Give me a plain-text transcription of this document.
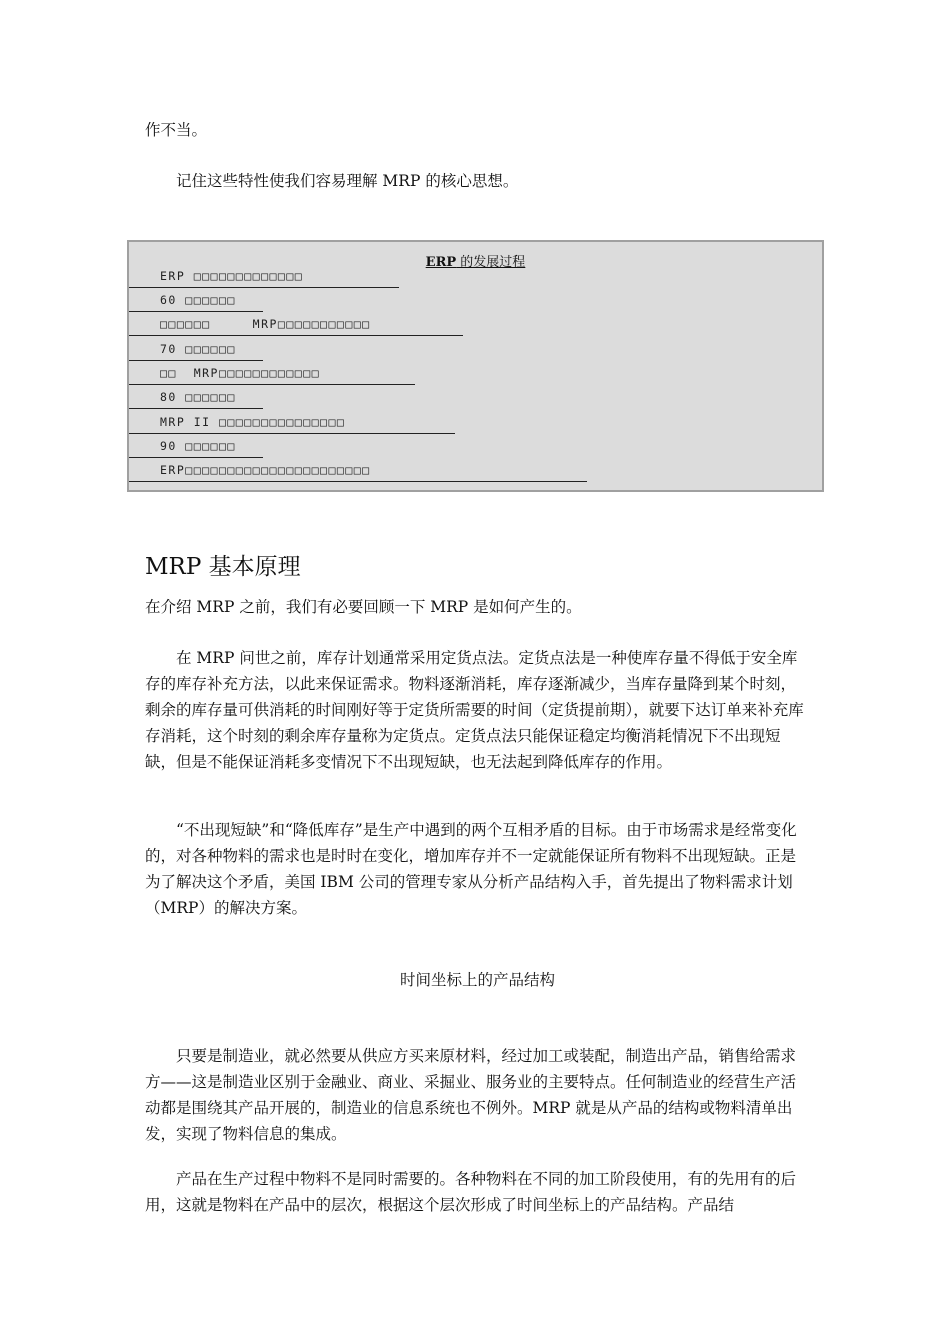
作不当。

记住这些特性使我们容易理解 MRP 的核心思想。

ERP 的发展过程
ERP □□□□□□□□□□□□□
60 □□□□□□
□□□□□□     MRP□□□□□□□□□□□
70 □□□□□□
□□  MRP□□□□□□□□□□□□
80 □□□□□□
MRP II □□□□□□□□□□□□□□□
90 □□□□□□
ERP□□□□□□□□□□□□□□□□□□□□□□
MRP 基本原理

在介绍 MRP 之前，我们有必要回顾一下 MRP 是如何产生的。

在 MRP 问世之前，库存计划通常采用定货点法。定货点法是一种使库存量不得低于安全库存的库存补充方法，以此来保证需求。物料逐渐消耗，库存逐渐减少，当库存量降到某个时刻，剩余的库存量可供消耗的时间刚好等于定货所需要的时间（定货提前期），就要下达订单来补充库存消耗，这个时刻的剩余库存量称为定货点。定货点法只能保证稳定均衡消耗情况下不出现短缺，但是不能保证消耗多变情况下不出现短缺，也无法起到降低库存的作用。

“不出现短缺”和“降低库存”是生产中遇到的两个互相矛盾的目标。由于市场需求是经常变化的，对各种物料的需求也是时时在变化，增加库存并不一定就能保证所有物料不出现短缺。正是为了解决这个矛盾，美国 IBM 公司的管理专家从分析产品结构入手，首先提出了物料需求计划（MRP）的解决方案。

时间坐标上的产品结构

只要是制造业，就必然要从供应方买来原材料，经过加工或装配，制造出产品，销售给需求方——这是制造业区别于金融业、商业、采掘业、服务业的主要特点。任何制造业的经营生产活动都是围绕其产品开展的，制造业的信息系统也不例外。MRP 就是从产品的结构或物料清单出发，实现了物料信息的集成。

产品在生产过程中物料不是同时需要的。各种物料在不同的加工阶段使用，有的先用有的后用，这就是物料在产品中的层次，根据这个层次形成了时间坐标上的产品结构。产品结
